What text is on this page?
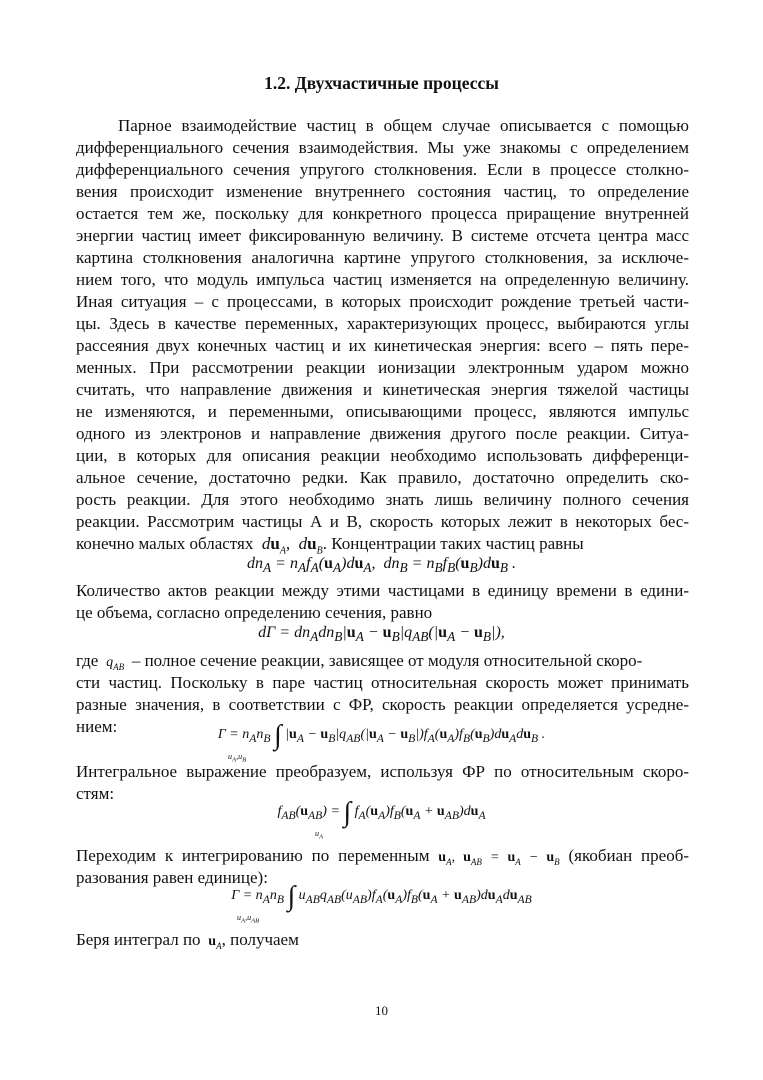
1.2. Двухчастичные процессы
Парное взаимодействие частиц в общем случае описывается с помощью
дифференциального сечения взаимодействия. Мы уже знакомы с определением
дифференциального сечения упругого столкновения. Если в процессе столкно-
вения происходит изменение внутреннего состояния частиц, то определение
остается тем же, поскольку для конкретного процесса приращение внутренней
энергии частиц имеет фиксированную величину. В системе отсчета центра масс
картина столкновения аналогична картине упругого столкновения, за исключе-
нием того, что модуль импульса частиц изменяется на определенную величину.
Иная ситуация – с процессами, в которых происходит рождение третьей части-
цы. Здесь в качестве переменных, характеризующих процесс, выбираются углы
рассеяния двух конечных частиц и их кинетическая энергия: всего – пять пере-
менных. При рассмотрении реакции ионизации электронным ударом можно
считать, что направление движения и кинетическая энергия тяжелой частицы
не изменяются, и переменными, описывающими процесс, являются импульс
одного из электронов и направление движения другого после реакции. Ситуа-
ции, в которых для описания реакции необходимо использовать дифференци-
альное сечение, достаточно редки. Как правило, достаточно определить ско-
рость реакции. Для этого необходимо знать лишь величину полного сечения
реакции. Рассмотрим частицы А и В, скорость которых лежит в некоторых бес-
конечно малых областях  $du_A$,  $du_B$. Концентрации таких частиц равны
$dn_A = n_Af_A(u_A)du_A$,  $dn_B = n_Bf_B(u_B)du_B$ .
Количество актов реакции между этими частицами в единицу времени в едини-
це объема, согласно определению сечения, равно
$d\Gamma = dn_Adn_B|u_A - u_B|q_{AB}(|u_A - u_B|)$,
где  $q_{AB}$ – полное сечение реакции, зависящее от модуля относительной скоро-
сти частиц. Поскольку в паре частиц относительная скорость может принимать
разные значения, в соответствии с ФР, скорость реакции определяется усредне-
нием:	$\Gamma = n_An_B$ ∫ $|u_A - u_B|q_{AB}(|u_A - u_B|)f_A(u_A)f_B(u_B)du_Adu_B$ .
$u_A,u_B$
Интегральное выражение преобразуем, используя ФР по относительным скоро-
стям:
$f_{AB}(u_{AB})$ = ∫ $f_A(u_A)f_B(u_A + u_{AB})du_A$
$u_A$
Переходим к интегрированию по переменным $u_A$, $u_{AB} = u_A - u_B$ (якобиан преоб-
разования равен единице):
$\Gamma = n_An_B$ ∫ $u_{AB}q_{AB}(u_{AB})f_A(u_A)f_B(u_A + u_{AB})du_Adu_{AB}$
$u_A,u_{AB}$
Беря интеграл по $u_A$, получаем
10
